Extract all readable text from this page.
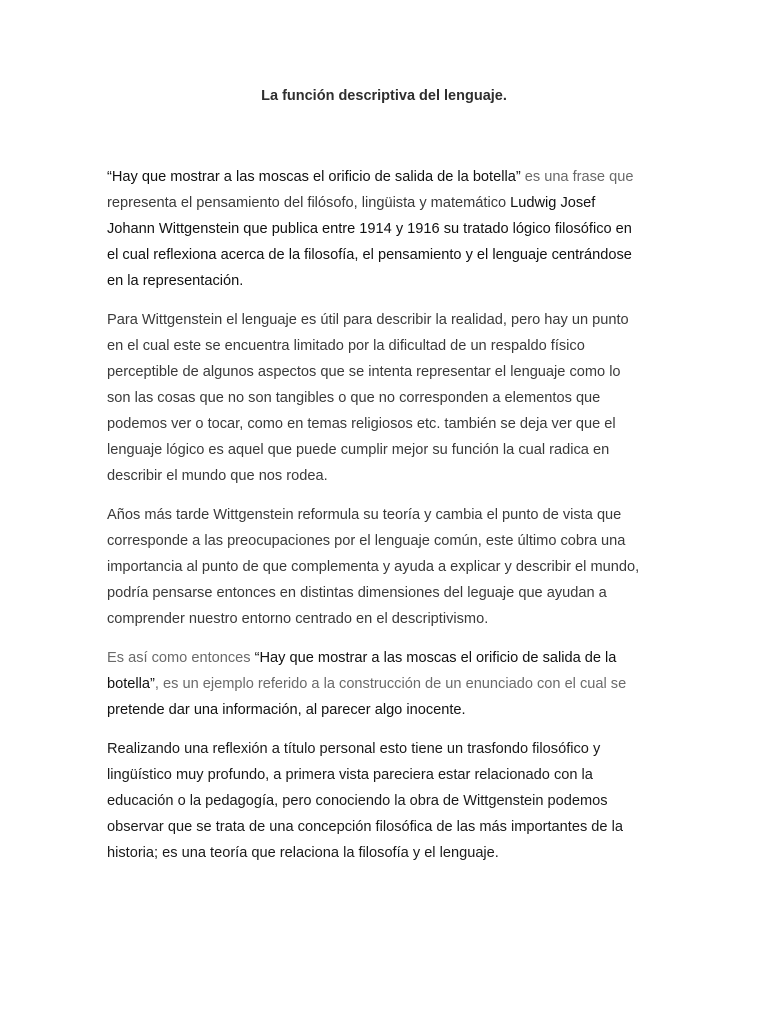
La función descriptiva del lenguaje.
“Hay que mostrar a las moscas el orificio de salida de la botella” es una frase que
representa el pensamiento del filósofo, lingüista y matemático Ludwig Josef
Johann Wittgenstein que publica entre 1914 y 1916 su tratado lógico filosófico en
el cual reflexiona acerca de la filosofía, el pensamiento y el lenguaje centrándose
en la representación.
Para Wittgenstein el lenguaje es útil para describir la realidad, pero hay un punto
en el cual este se encuentra limitado por la dificultad de un respaldo físico
perceptible de algunos aspectos que se intenta representar el lenguaje como lo
son las cosas que no son tangibles o que no corresponden a elementos que
podemos ver o tocar, como en temas religiosos etc. también se deja ver que el
lenguaje lógico es aquel que puede cumplir mejor su función la cual radica en
describir el mundo que nos rodea.
Años más tarde Wittgenstein reformula su teoría y cambia el punto de vista que
corresponde a las preocupaciones por el lenguaje común, este último cobra una
importancia al punto de que complementa y ayuda a explicar y describir el mundo,
podría pensarse entonces en distintas dimensiones del leguaje que ayudan a
comprender nuestro entorno centrado en el descriptivismo.
Es así como entonces “Hay que mostrar a las moscas el orificio de salida de la
botella”, es un ejemplo referido a la construcción de un enunciado con el cual se
pretende dar una información, al parecer algo inocente.
Realizando una reflexión a título personal esto tiene un trasfondo filosófico y
lingüístico muy profundo, a primera vista pareciera estar relacionado con la
educación o la pedagogía, pero conociendo la obra de Wittgenstein podemos
observar que se trata de una concepción filosófica de las más importantes de la
historia; es una teoría que relaciona la filosofía y el lenguaje.
